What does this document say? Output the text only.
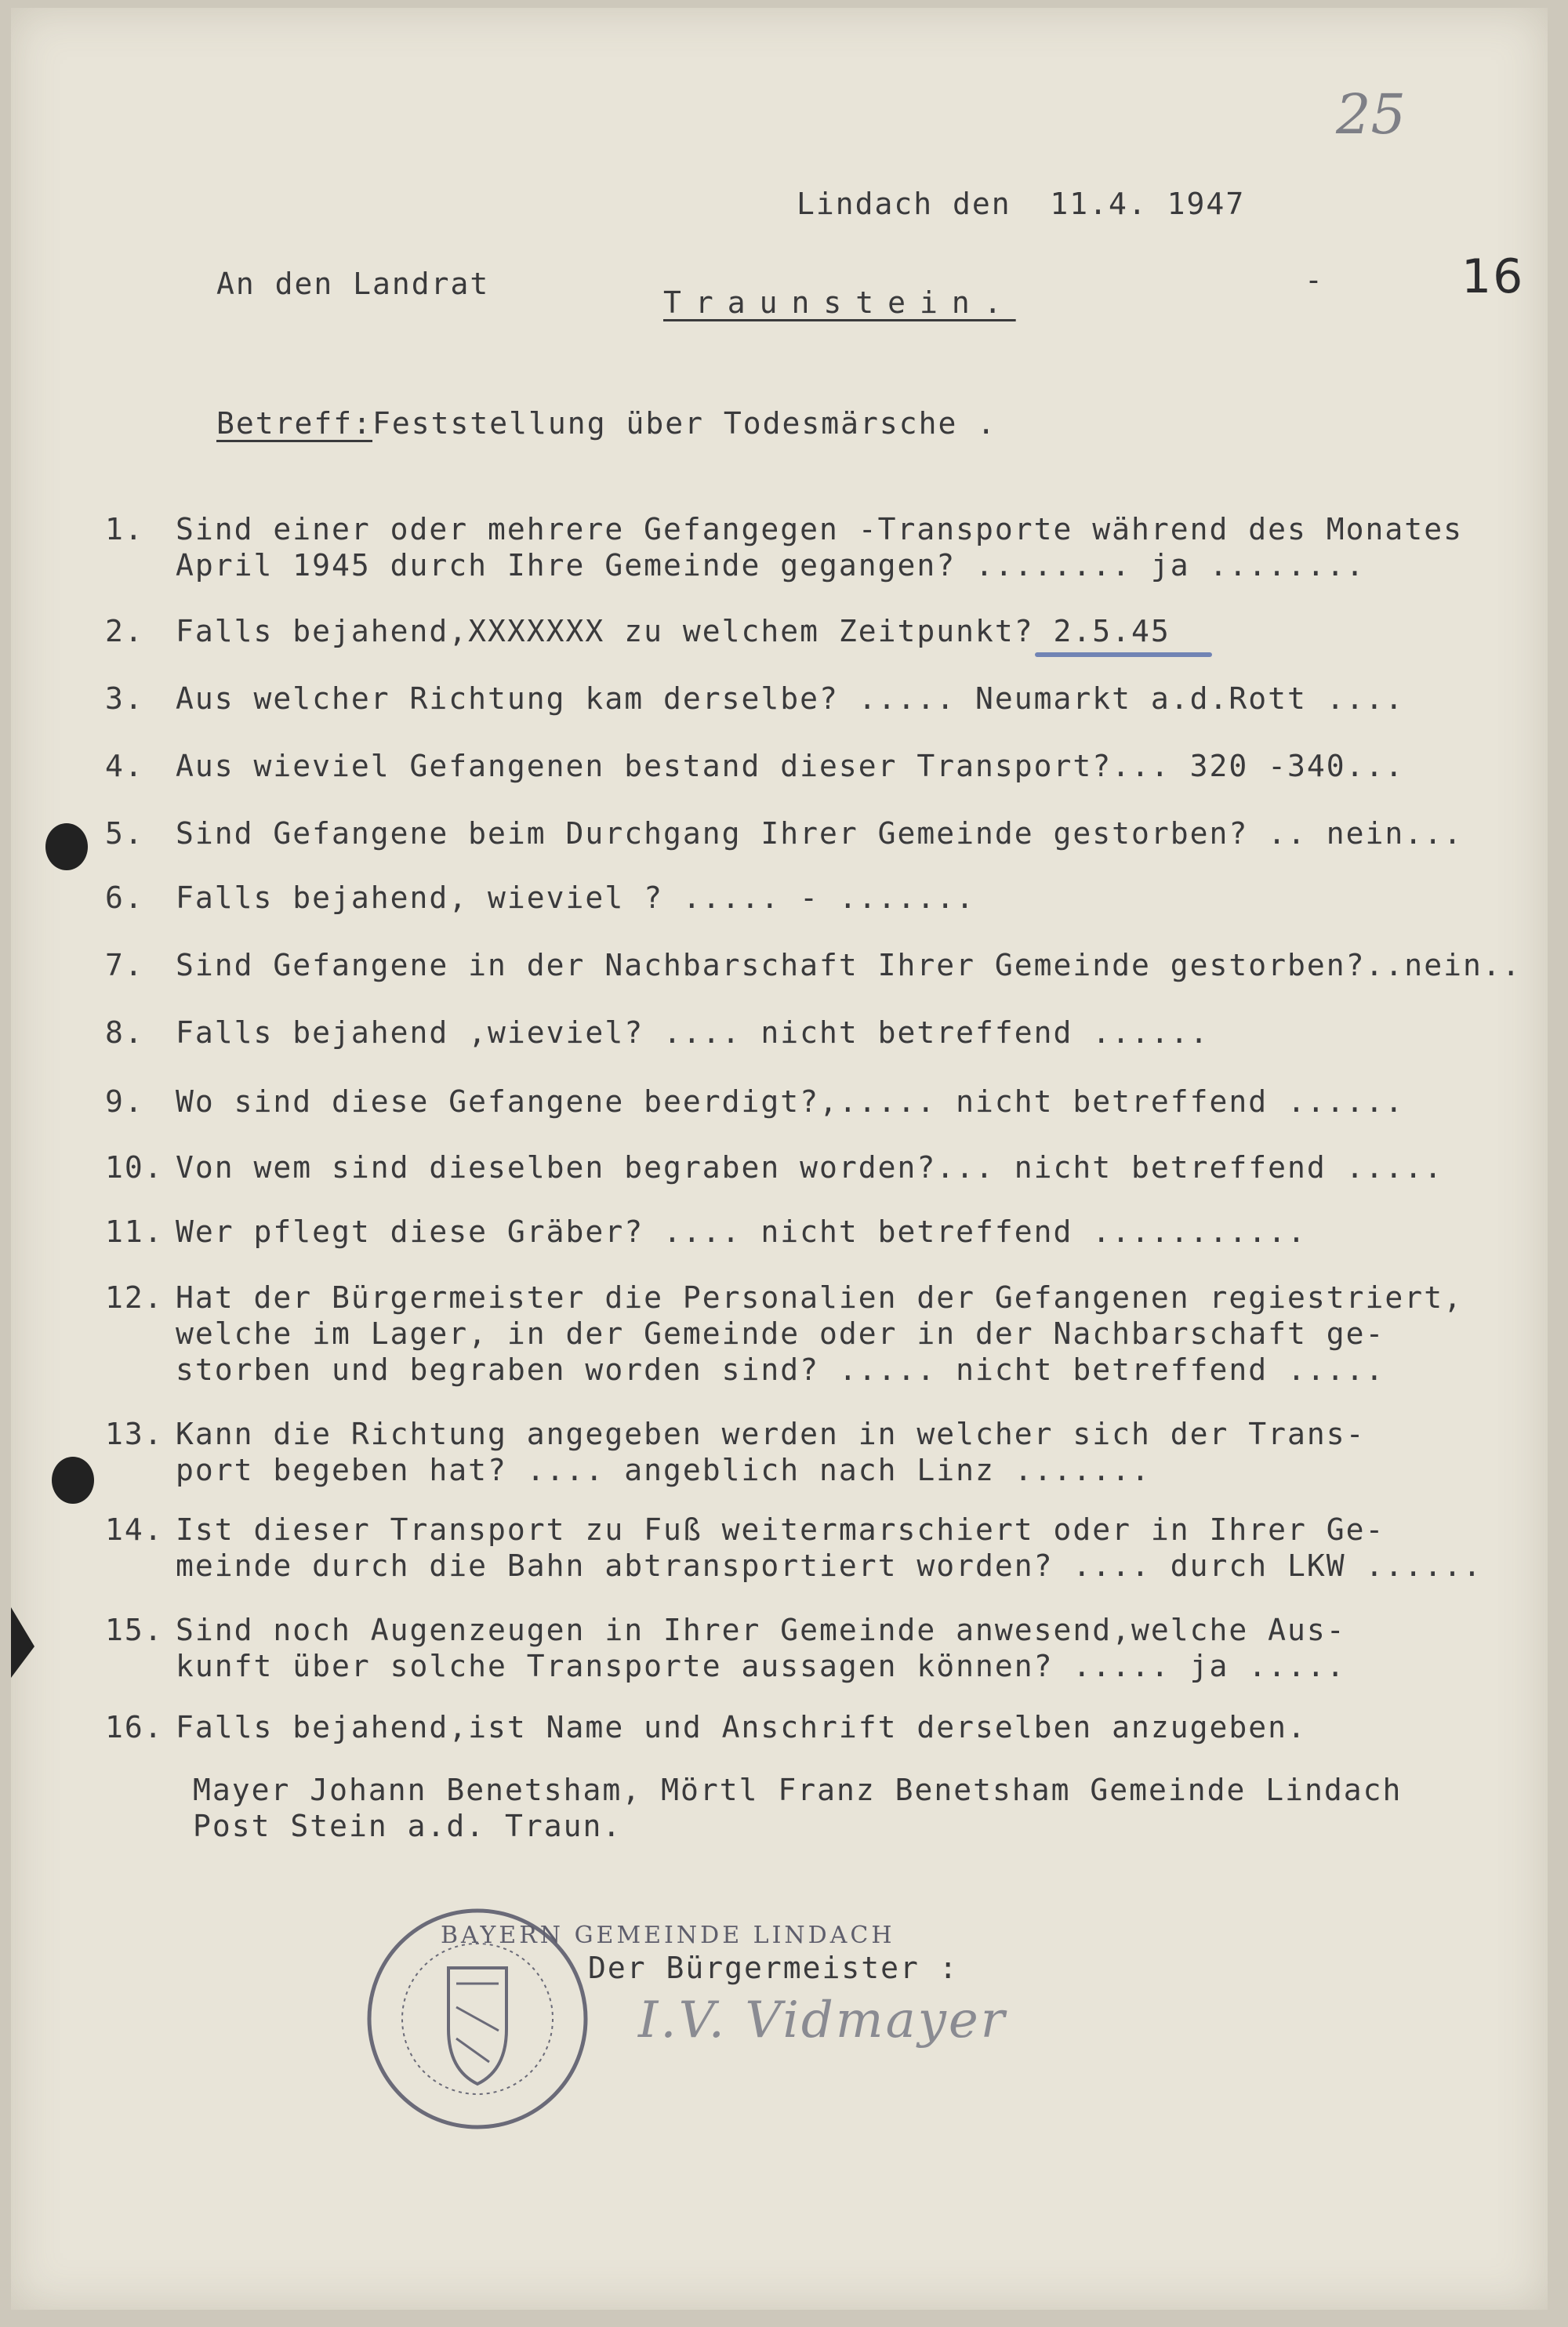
25
-	16
Lindach den  11.4. 1947
An den Landrat
Traunstein.
Betreff:Feststellung über Todesmärsche .
1.	Sind einer oder mehrere Gefangegen -Transporte während des Monates
April 1945 durch Ihre Gemeinde gegangen? ........ ja ........
2.	Falls bejahend,XXXXXXX zu welchem Zeitpunkt? 2.5.45
3.	Aus welcher Richtung kam derselbe? ..... Neumarkt a.d.Rott ....
4.	Aus wieviel Gefangenen bestand dieser Transport?... 320 -340...
5.	Sind Gefangene beim Durchgang Ihrer Gemeinde gestorben? .. nein...
6.	Falls bejahend, wieviel ? ..... - .......
7.	Sind Gefangene in der Nachbarschaft Ihrer Gemeinde gestorben?..nein..
8.	Falls bejahend ,wieviel? .... nicht betreffend ......
9.	Wo sind diese Gefangene beerdigt?,..... nicht betreffend ......
10. Von wem sind dieselben begraben worden?... nicht betreffend .....
11. Wer pflegt diese Gräber? .... nicht betreffend ...........
12. Hat der Bürgermeister die Personalien der Gefangenen regiestriert,
welche im Lager, in der Gemeinde oder in der Nachbarschaft ge-
storben und begraben worden sind? ..... nicht betreffend .....
13. Kann die Richtung angegeben werden in welcher sich der Trans-
port begeben hat? .... angeblich nach Linz .......
14. Ist dieser Transport zu Fuß weitermarschiert oder in Ihrer Ge-
meinde durch die Bahn abtransportiert worden? .... durch LKW ......
15. Sind noch Augenzeugen in Ihrer Gemeinde anwesend,welche Aus-
kunft über solche Transporte aussagen können? ..... ja .....
16. Falls bejahend,ist Name und Anschrift derselben anzugeben.
Mayer Johann Benetsham, Mörtl Franz Benetsham Gemeinde Lindach
Post Stein a.d. Traun.
BAYERN GEMEINDE LINDACH
Der Bürgermeister :
I.V. Vidmayer
